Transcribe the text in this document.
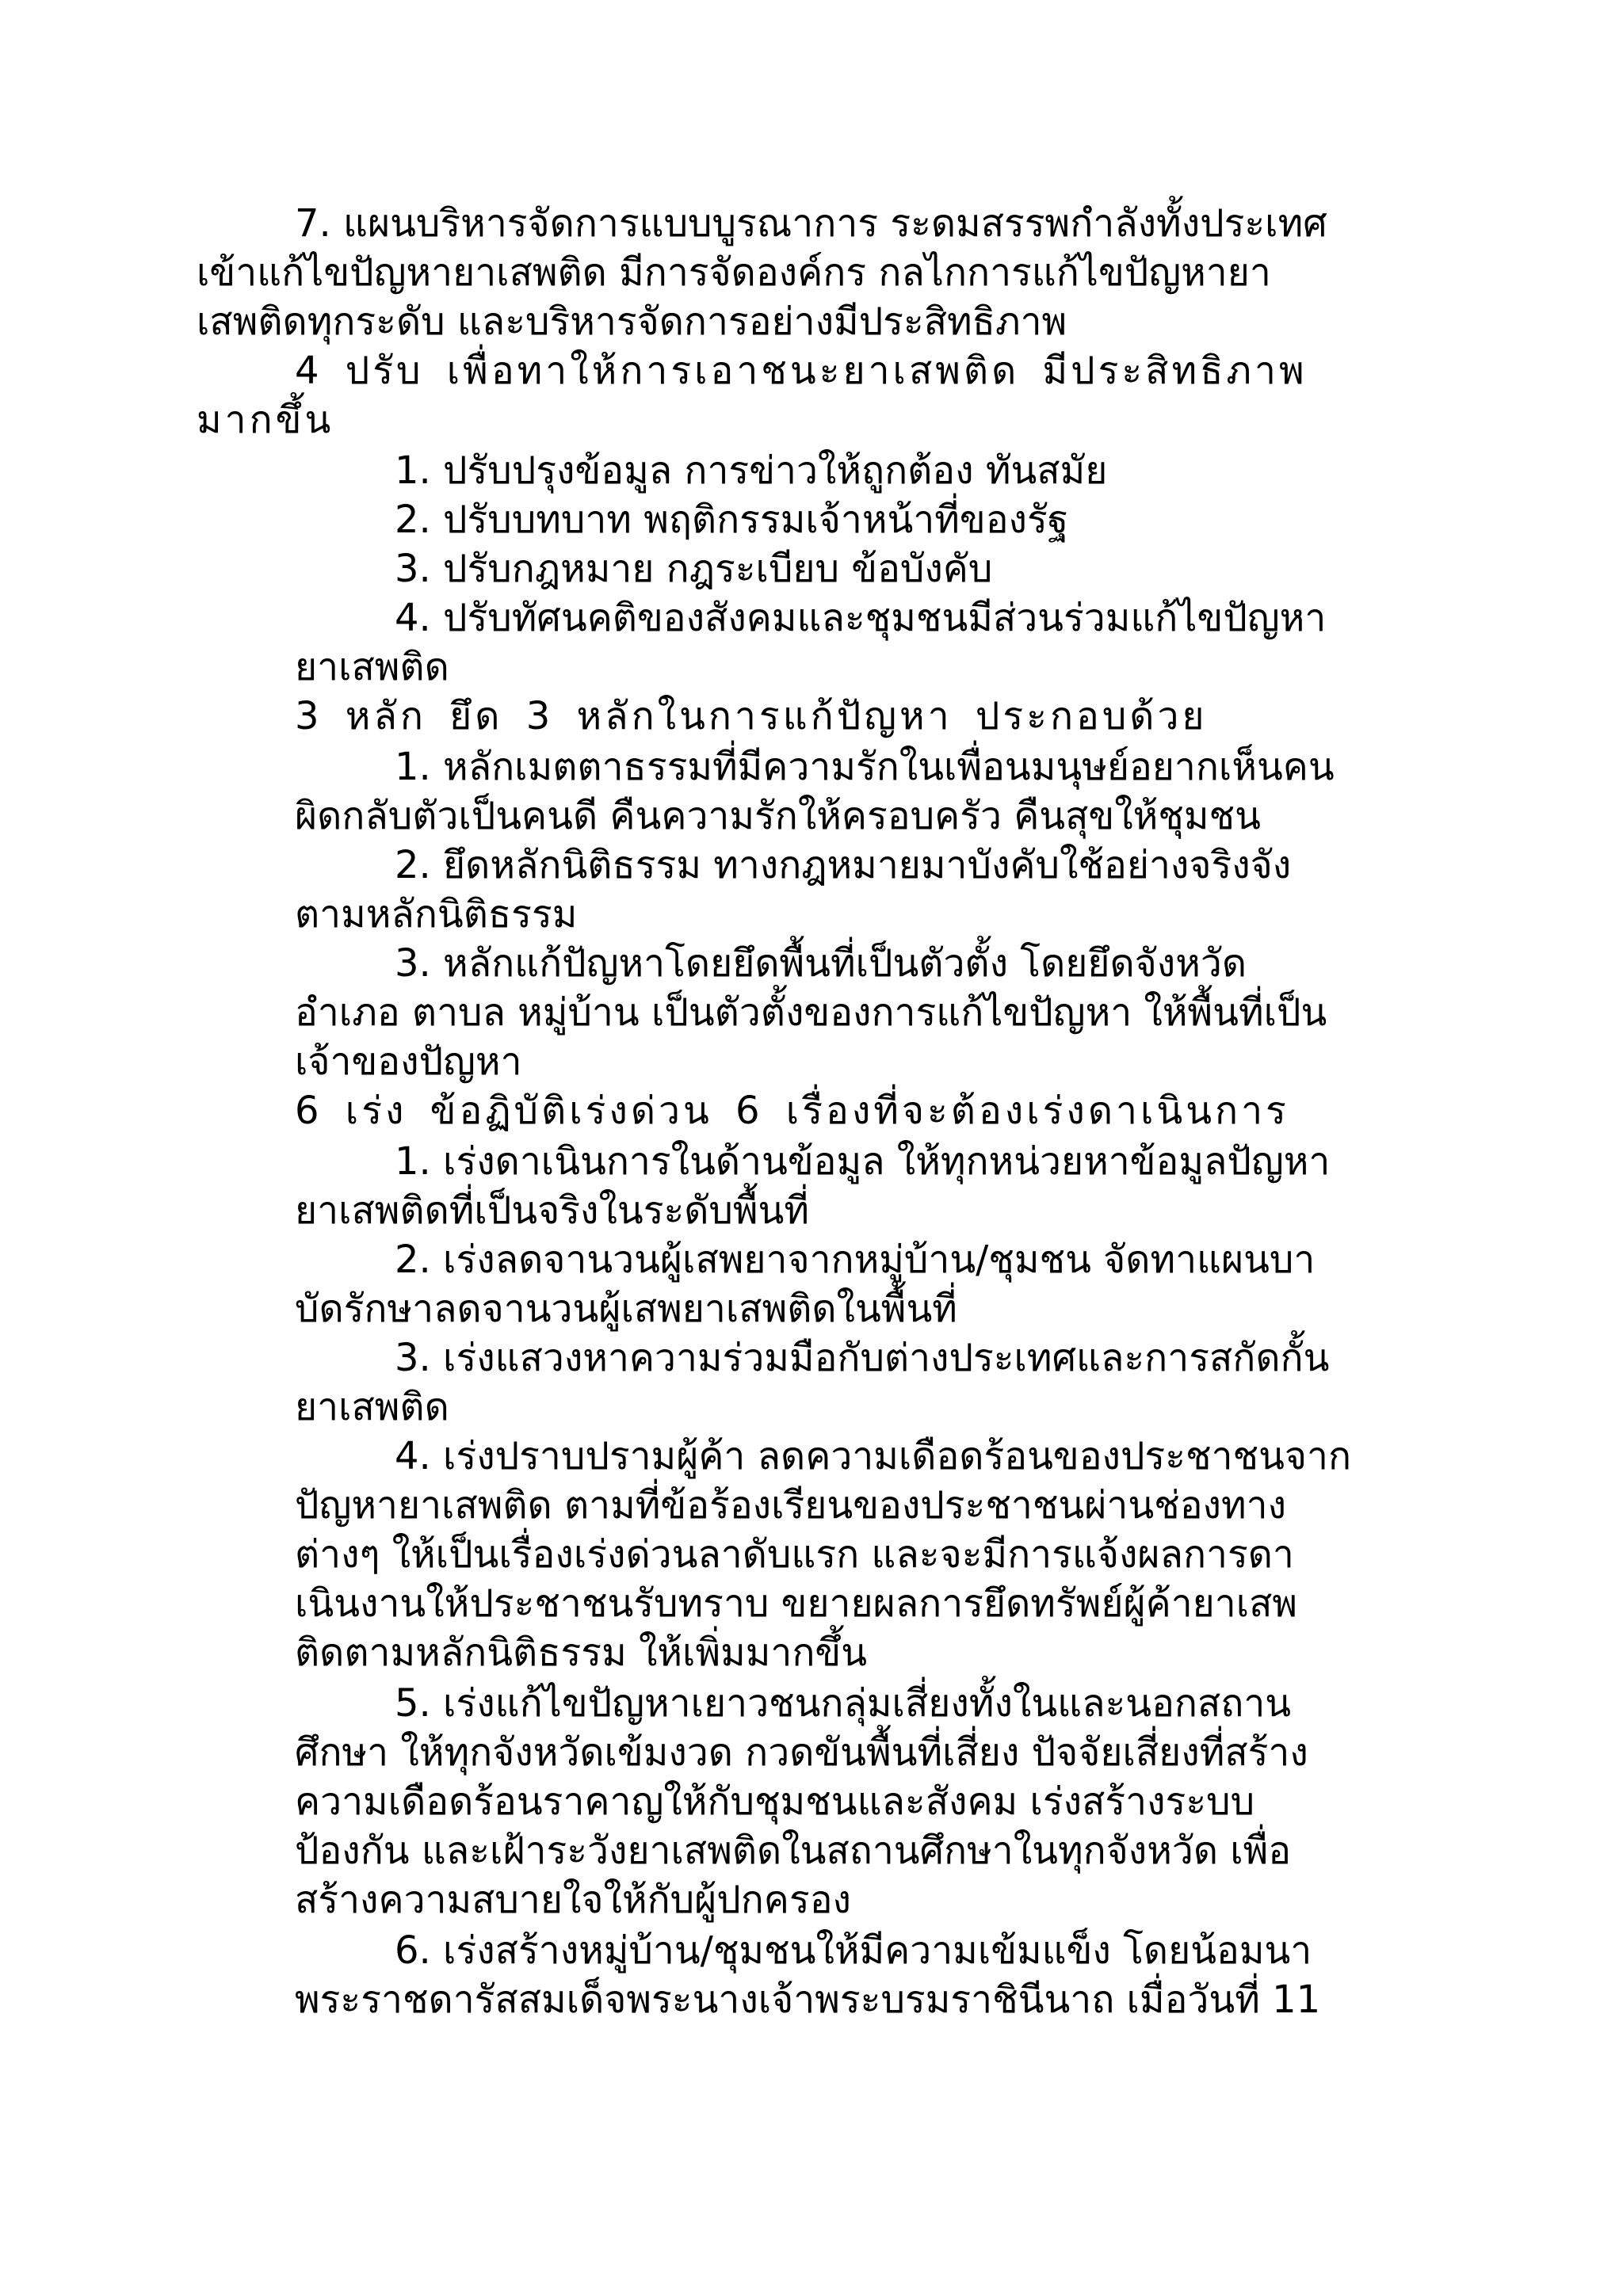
7. แผนบริหารจัดการแบบบูรณาการ ระดมสรรพกำลังทั้งประเทศ

เข้าแก้ไขปัญหายาเสพติด มีการจัดองค์กร กลไกการแก้ไขปัญหายา

เสพติดทุกระดับ และบริหารจัดการอย่างมีประสิทธิภาพ

4 ปรับ เพื่อทาให้การเอาชนะยาเสพติด มีประสิทธิภาพ

มากขึ้น

1. ปรับปรุงข้อมูล การข่าวให้ถูกต้อง ทันสมัย

2. ปรับบทบาท พฤติกรรมเจ้าหน้าที่ของรัฐ

3. ปรับกฎหมาย กฎระเบียบ ข้อบังคับ

4. ปรับทัศนคติของสังคมและชุมชนมีส่วนร่วมแก้ไขปัญหา

ยาเสพติด

3 หลัก ยึด 3 หลักในการแก้ปัญหา ประกอบด้วย

1. หลักเมตตาธรรมที่มีความรักในเพื่อนมนุษย์อยากเห็นคน

ผิดกลับตัวเป็นคนดี คืนความรักให้ครอบครัว คืนสุขให้ชุมชน

2. ยึดหลักนิติธรรม ทางกฎหมายมาบังคับใช้อย่างจริงจัง

ตามหลักนิติธรรม

3. หลักแก้ปัญหาโดยยึดพื้นที่เป็นตัวตั้ง โดยยึดจังหวัด

อำเภอ ตาบล หมู่บ้าน เป็นตัวตั้งของการแก้ไขปัญหา ให้พื้นที่เป็น

เจ้าของปัญหา

6 เร่ง ข้อฏิบัติเร่งด่วน 6 เรื่องที่จะต้องเร่งดาเนินการ

1. เร่งดาเนินการในด้านข้อมูล ให้ทุกหน่วยหาข้อมูลปัญหา

ยาเสพติดที่เป็นจริงในระดับพื้นที่

2. เร่งลดจานวนผู้เสพยาจากหมู่บ้าน/ชุมชน จัดทาแผนบา

บัดรักษาลดจานวนผู้เสพยาเสพติดในพื้นที่

3. เร่งแสวงหาความร่วมมือกับต่างประเทศและการสกัดกั้น

ยาเสพติด

4. เร่งปราบปรามผู้ค้า ลดความเดือดร้อนของประชาชนจาก

ปัญหายาเสพติด ตามที่ข้อร้องเรียนของประชาชนผ่านช่องทาง

ต่างๆ ให้เป็นเรื่องเร่งด่วนลาดับแรก และจะมีการแจ้งผลการดา

เนินงานให้ประชาชนรับทราบ ขยายผลการยึดทรัพย์ผู้ค้ายาเสพ

ติดตามหลักนิติธรรม ให้เพิ่มมากขึ้น

5. เร่งแก้ไขปัญหาเยาวชนกลุ่มเสี่ยงทั้งในและนอกสถาน

ศึกษา ให้ทุกจังหวัดเข้มงวด กวดขันพื้นที่เสี่ยง ปัจจัยเสี่ยงที่สร้าง

ความเดือดร้อนราคาญให้กับชุมชนและสังคม เร่งสร้างระบบ

ป้องกัน และเฝ้าระวังยาเสพติดในสถานศึกษาในทุกจังหวัด เพื่อ

สร้างความสบายใจให้กับผู้ปกครอง

6. เร่งสร้างหมู่บ้าน/ชุมชนให้มีความเข้มแข็ง โดยน้อมนา

พระราชดารัสสมเด็จพระนางเจ้าพระบรมราชินีนาถ เมื่อวันที่ 11
